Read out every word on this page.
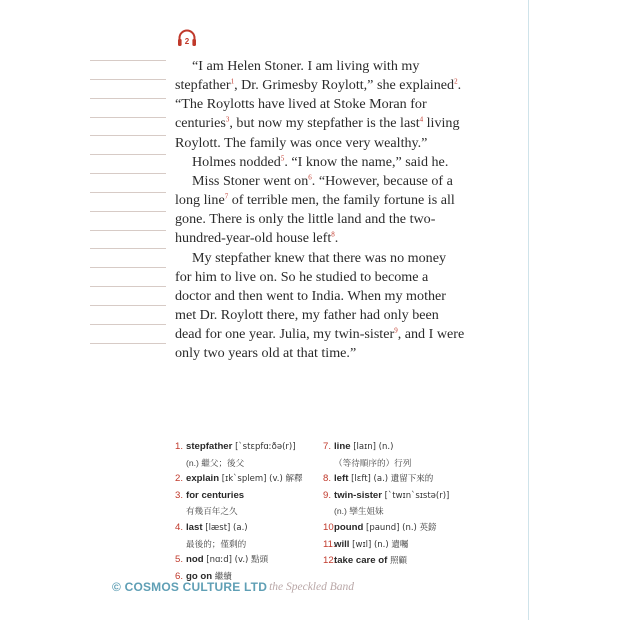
2

“I am Helen Stoner. I am living with my stepfather$^1$, Dr. Grimesby Roylott,” she explained$^2$. “The Roylotts have lived at Stoke Moran for centuries$^3$, but now my stepfather is the last$^4$ living Roylott. The family was once very wealthy.”

Holmes nodded$^5$. “I know the name,” said he.

Miss Stoner went on$^6$. “However, because of a long line$^7$ of terrible men, the family fortune is all gone. There is only the little land and the two-hundred-year-old house left$^8$.

My stepfather knew that there was no money for him to live on. So he studied to become a doctor and then went to India. When my mother met Dr. Roylott there, my father had only been dead for one year. Julia, my twin-sister$^9$, and I were only two years old at that time.”

1. stepfather [ˋstεpfɑːðə(r)]
(n.) 繼父；後父
2. explain [ɪkˋsplem] (v.) 解釋
3. for centuries
有幾百年之久
4. last [læst] (a.)
最後的；僅剩的
5. nod [nɑːd] (v.) 點頭
6. go on 繼續
7. line [laɪn] (n.)
（等待順序的）行列
8. left [lεft] (a.) 遺留下來的
9. twin-sister [ˋtwɪnˋsɪstə(r)]
(n.) 孿生姐妹
10.
pound [paund] (n.) 英鎊
11.
will [wɪl] (n.) 遺囑
12.
take care of 照顧
© COSMOS CULTURE LTD the Speckled Band
